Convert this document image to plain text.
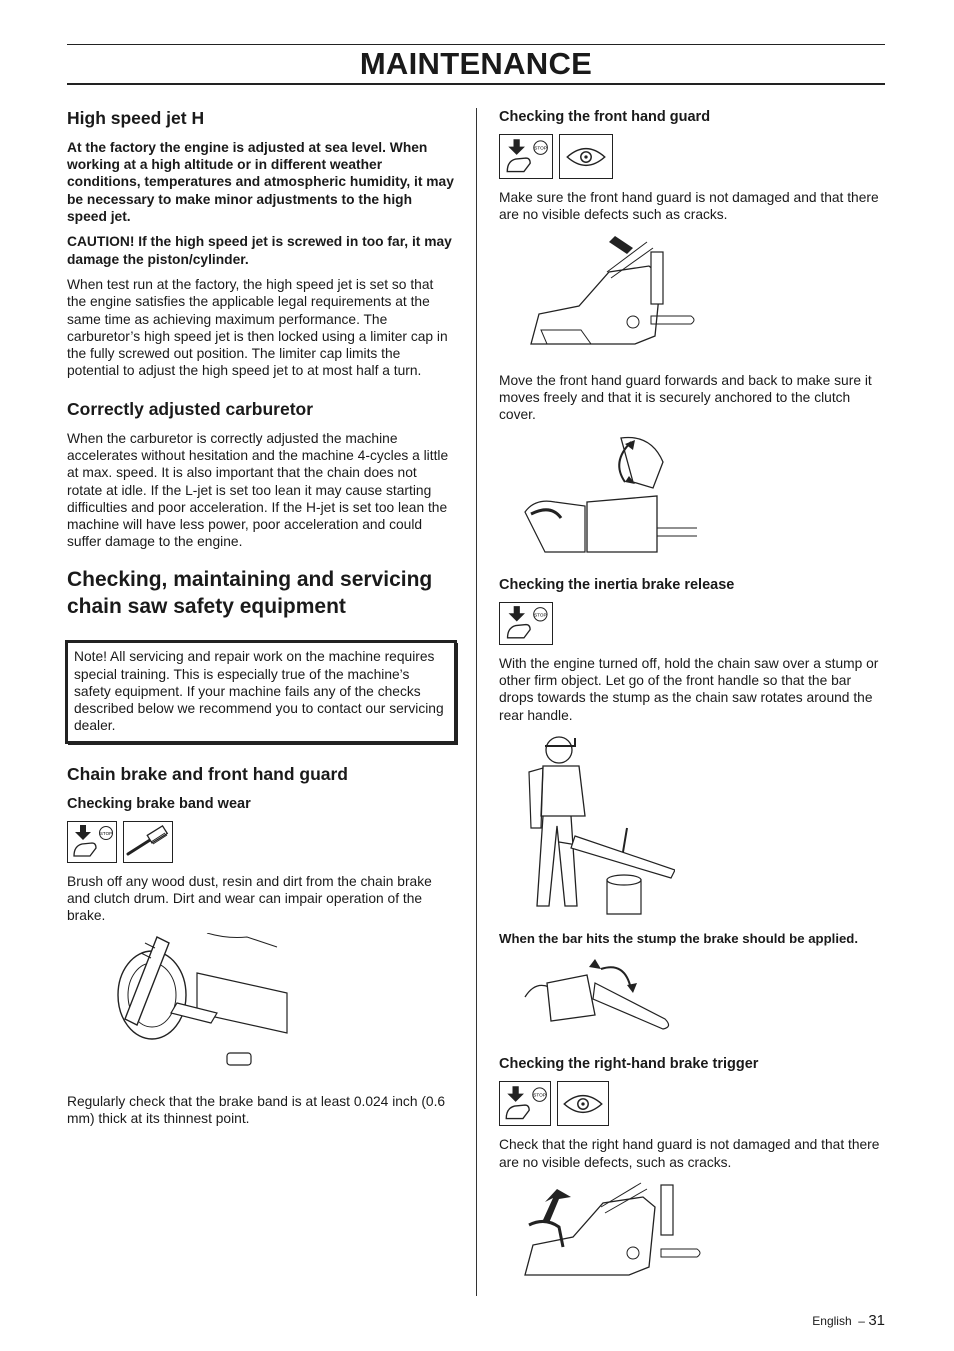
MAINTENANCE
High speed jet H

At the factory the engine is adjusted at sea level. When working at a high altitude or in different weather conditions, temperatures and atmospheric humidity, it may be necessary to make minor adjustments to the high speed jet.

CAUTION! If the high speed jet is screwed in too far, it may damage the piston/cylinder.

When test run at the factory, the high speed jet is set so that the engine satisfies the applicable legal requirements at the same time as achieving maximum performance. The carburetor’s high speed jet is then locked using a limiter cap in the fully screwed out position. The limiter cap limits the potential to adjust the high speed jet to at most half a turn.

Correctly adjusted carburetor

When the carburetor is correctly adjusted the machine accelerates without hesitation and the machine 4-cycles a little at max. speed. It is also important that the chain does not rotate at idle. If the L-jet is set too lean it may cause starting difficulties and poor acceleration. If the H-jet is set too lean the machine will have less power, poor acceleration and could suffer damage to the engine.

Checking, maintaining and servicing chain saw safety equipment
Note! All servicing and repair work on the machine requires special training. This is especially true of the machine’s safety equipment. If your machine fails any of the checks described below we recommend you to contact our servicing dealer.
Chain brake and front hand guard
Checking brake band wear
STOP

Brush off any wood dust, resin and dirt from the chain brake and clutch drum. Dirt and wear can impair operation of the brake.

Regularly check that the brake band is at least 0.024 inch (0.6 mm) thick at its thinnest point.

Checking the front hand guard
STOP

Make sure the front hand guard is not damaged and that there are no visible defects such as cracks.

Move the front hand guard forwards and back to make sure it moves freely and that it is securely anchored to the clutch cover.

Checking the inertia brake release
STOP

With the engine turned off, hold the chain saw over a stump or other firm object. Let go of the front handle so that the bar drops towards the stump as the chain saw rotates around the rear handle.

When the bar hits the stump the brake should be applied.

Checking the right-hand brake trigger
STOP

Check that the right hand guard is not damaged and that there are no visible defects, such as cracks.

English  – 31
